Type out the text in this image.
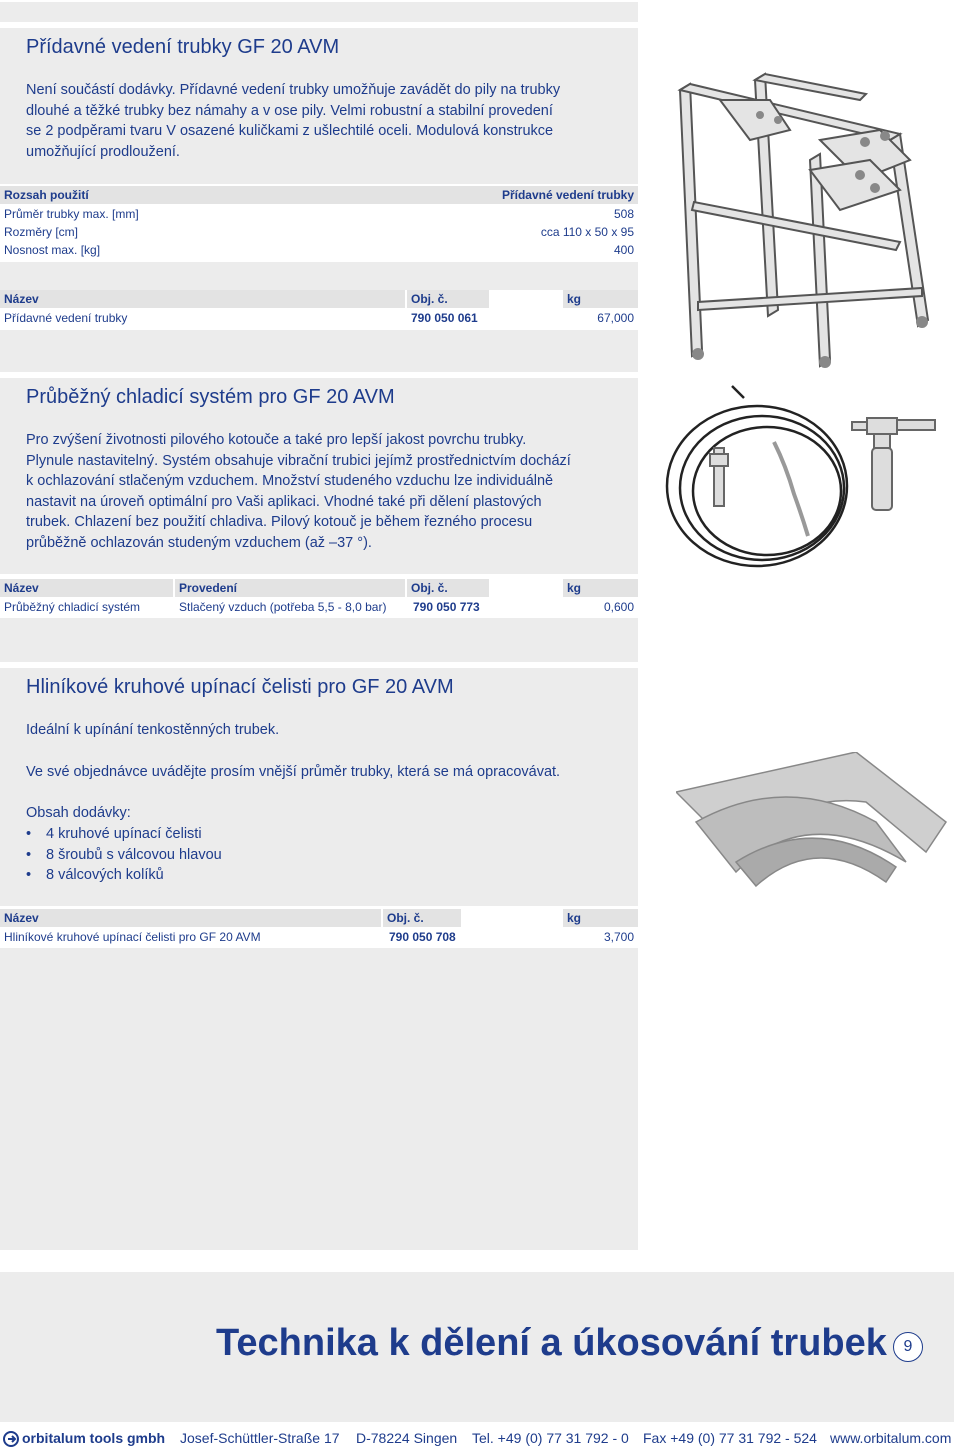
Přídavné vedení trubky GF 20 AVM

Není součástí dodávky. Přídavné vedení trubky umožňuje zavádět do pily na trubky

dlouhé a těžké trubky bez námahy a v ose pily. Velmi robustní a stabilní provedení

se 2 podpěrami tvaru V osazené kuličkami z ušlechtilé oceli. Modulová konstrukce

umožňující prodloužení.

Rozsah použití	Přídavné vedení trubky
Průměr trubky max. [mm]	508
Rozměry [cm]	cca 110 x 50 x 95
Nosnost max. [kg]	400
Název	Obj. č.	kg
Přídavné vedení trubky	790 050 061	67,000
Průběžný chladicí systém pro GF 20 AVM

Pro zvýšení životnosti pilového kotouče a také pro lepší jakost povrchu trubky.

Plynule nastavitelný. Systém obsahuje vibrační trubici jejímž prostřednictvím dochází

k ochlazování stlačeným vzduchem. Množství studeného vzduchu lze individuálně

nastavit na úroveň optimální pro Vaši aplikaci. Vhodné také při dělení plastových

trubek. Chlazení bez použití chladiva. Pilový kotouč je během řezného procesu

průběžně ochlazován studeným vzduchem (až –37 °).

Název	Provedení	Obj. č.	kg
Průběžný chladicí systém	Stlačený vzduch (potřeba 5,5 - 8,0 bar)	790 050 773	0,600
Hliníkové kruhové upínací čelisti pro GF 20 AVM
Ideální k upínání tenkostěnných trubek.
Ve své objednávce uvádějte prosím vnější průměr trubky, která se má opracovávat.
Obsah dodávky:
• 4 kruhové upínací čelisti
• 8 šroubů s válcovou hlavou
• 8 válcových kolíků
Název	Obj. č.	kg
Hliníkové kruhové upínací čelisti pro GF 20 AVM	790 050 708	3,700
Technika k dělení a úkosování trubek	9
orbitalum tools gmbh Josef-Schüttler-Straße 17 D-78224 Singen Tel. +49 (0) 77 31 792 - 0 Fax +49 (0) 77 31 792 - 524 www.orbitalum.com
